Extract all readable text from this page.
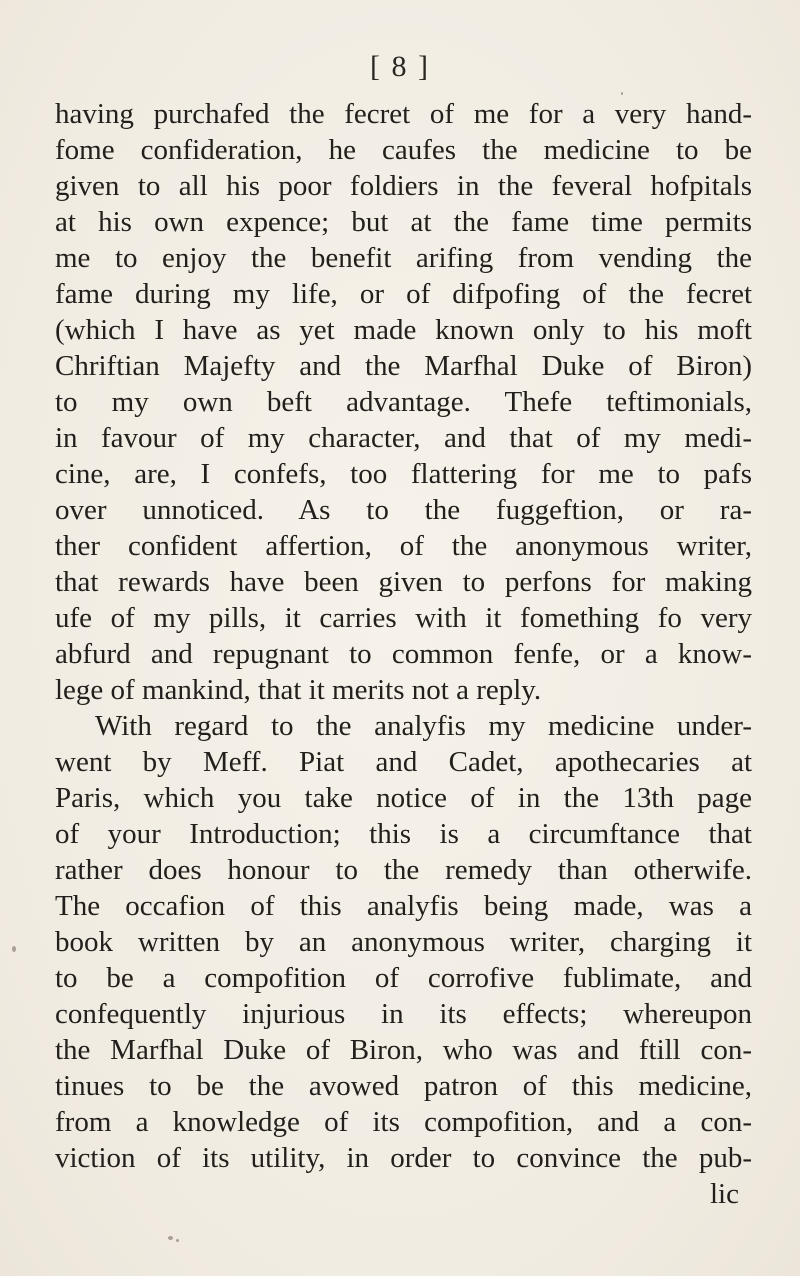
[ 8 ]
having purchafed the fecret of me for a very hand-
fome confideration, he caufes the medicine to be
given to all his poor foldiers in the feveral hofpitals
at his own expence; but at the fame time permits
me to enjoy the benefit arifing from vending the
fame during my life, or of difpofing of the fecret
(which I have as yet made known only to his moft
Chriftian Majefty and the Marfhal Duke of Biron)
to my own beft advantage. Thefe teftimonials,
in favour of my character, and that of my medi-
cine, are, I confefs, too flattering for me to pafs
over unnoticed. As to the fuggeftion, or ra-
ther confident affertion, of the anonymous writer,
that rewards have been given to perfons for making
ufe of my pills, it carries with it fomething fo very
abfurd and repugnant to common fenfe, or a know-
lege of mankind, that it merits not a reply.
With regard to the analyfis my medicine under-
went by Meff. Piat and Cadet, apothecaries at
Paris, which you take notice of in the 13th page
of your Introduction; this is a circumftance that
rather does honour to the remedy than otherwife.
The occafion of this analyfis being made, was a
book written by an anonymous writer, charging it
to be a compofition of corrofive fublimate, and
confequently injurious in its effects; whereupon
the Marfhal Duke of Biron, who was and ftill con-
tinues to be the avowed patron of this medicine,
from a knowledge of its compofition, and a con-
viction of its utility, in order to convince the pub-
lic
